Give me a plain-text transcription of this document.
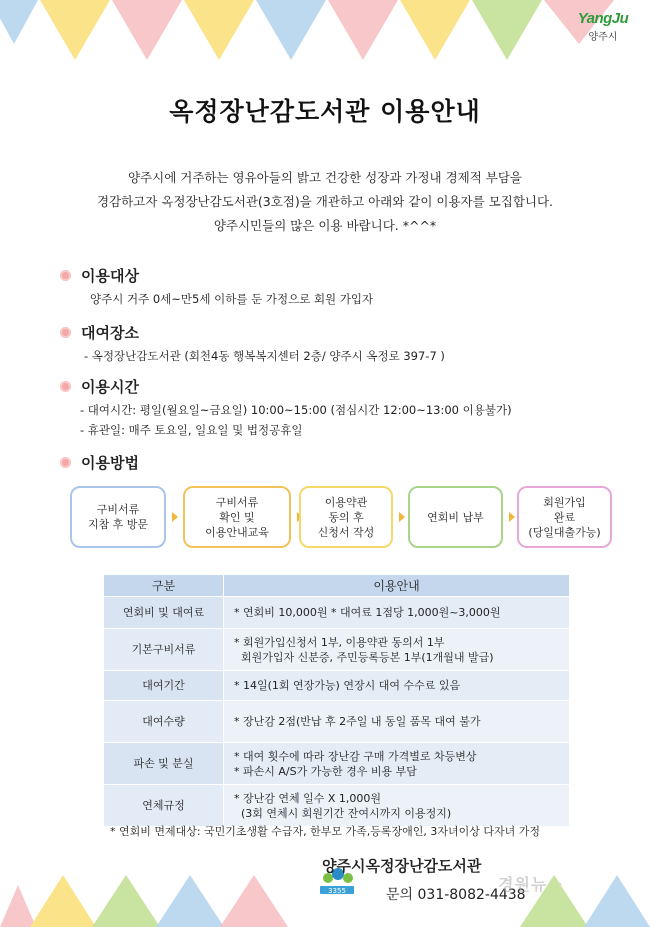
YangJu
양주시
옥정장난감도서관 이용안내
양주시에 거주하는 영유아들의 밝고 건강한 성장과 가정내 경제적 부담을
경감하고자 옥정장난감도서관(3호점)을 개관하고 아래와 같이 이용자를 모집합니다.
양주시민들의 많은 이용 바랍니다. *^^*
이용대상
양주시 거주 0세~만5세 이하를 둔 가정으로 회원 가입자
대여장소
- 옥정장난감도서관 (회천4동 행복복지센터 2층/ 양주시 옥정로 397-7 )
이용시간
- 대여시간: 평일(월요일~금요일) 10:00~15:00 (점심시간 12:00~13:00 이용불가)
- 휴관일: 매주 토요일, 일요일 및 법정공휴일
이용방법
구비서류
지참 후 방문
구비서류
확인 및
이용안내교육
이용약관
동의 후
신청서 작성
연회비 납부
회원가입
완료
(당일대출가능)
구분	이용안내
연회비 및 대여료	* 연회비 10,000원 * 대여료 1점당 1,000원~3,000원

기본구비서류	* 회원가입신청서 1부, 이용약관 동의서 1부
회원가입자 신분증, 주민등록등본 1부(1개월내 발급)

대여기간	* 14일(1회 연장가능) 연장시 대여 수수료 있음

대여수량	* 장난감 2점(반납 후 2주일 내 동일 품목 대여 불가

파손 및 분실	* 대여 횟수에 따라 장난감 구매 가격별로 차등변상
* 파손시 A/S가 가능한 경우 비용 부담

연체규정	* 장난감 연체 일수 X 1,000원
(3회 연체시 회원기간 잔여시까지 이용정지)
* 연회비 면제대상: 국민기초생활 수급자, 한부모 가족,등록장애인, 3자녀이상 다자녀 가정
3355
양주시옥정장난감도서관
문의 031-8082-4438
경원뉴스
